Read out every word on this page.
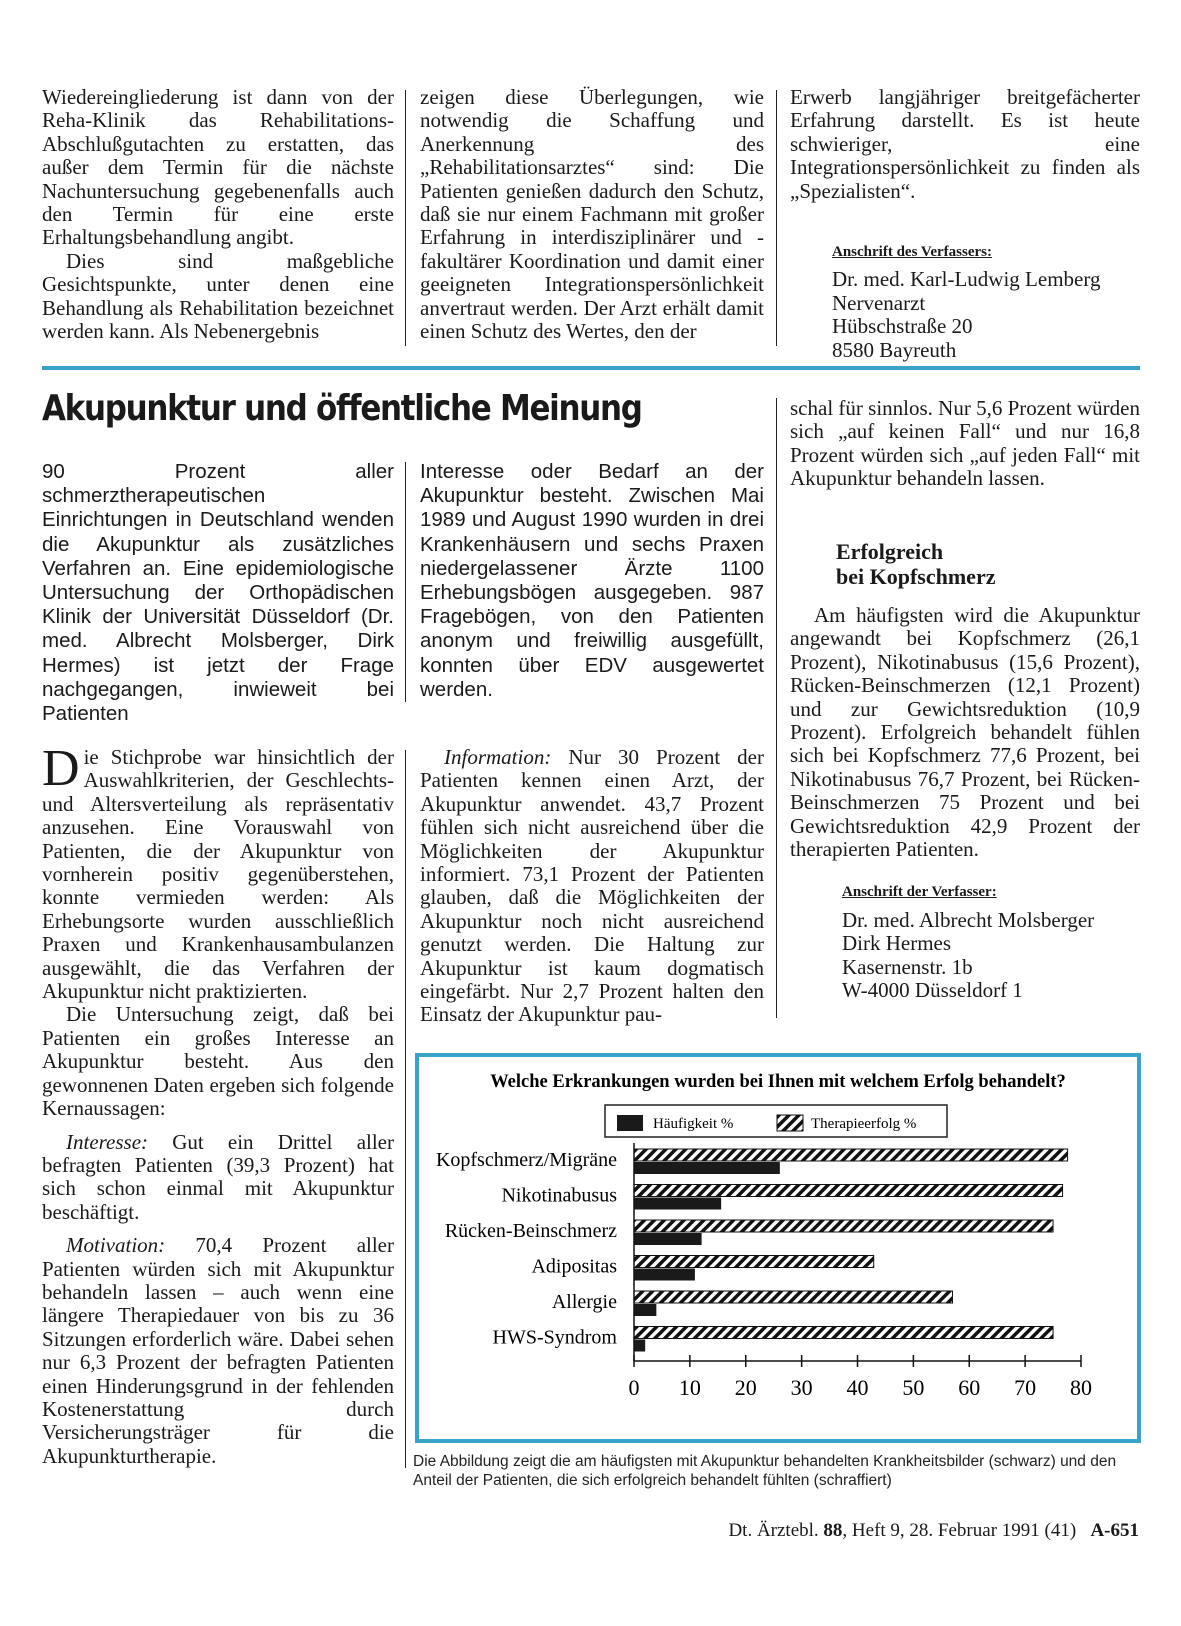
Wiedereingliederung ist dann von der Reha-Klinik das Rehabilitations-Abschlußgutachten zu erstatten, das außer dem Termin für die nächste Nachuntersuchung gegebenenfalls auch den Termin für eine erste Erhaltungsbehandlung angibt.

Dies sind maßgebliche Gesichtspunkte, unter denen eine Behandlung als Rehabilitation bezeichnet werden kann. Als Nebenergebnis

zeigen diese Überlegungen, wie notwendig die Schaffung und Anerkennung des „Rehabilitationsarztes“ sind: Die Patienten genießen dadurch den Schutz, daß sie nur einem Fachmann mit großer Erfahrung in interdisziplinärer und -fakultärer Koordination und damit einer geeigneten Integrationspersönlichkeit anvertraut werden. Der Arzt erhält damit einen Schutz des Wertes, den der

Erwerb langjähriger breitgefächerter Erfahrung darstellt. Es ist heute schwieriger, eine Integrationspersönlichkeit zu finden als „Spezialisten“.

Anschrift des Verfassers:
Dr. med. Karl-Ludwig Lemberg
Nervenarzt
Hübschstraße 20
8580 Bayreuth
Akupunktur und öffentliche Meinung

90 Prozent aller schmerztherapeutischen Einrichtungen in Deutschland wenden die Akupunktur als zusätzliches Verfahren an. Eine epidemiologische Untersuchung der Orthopädischen Klinik der Universität Düsseldorf (Dr. med. Albrecht Molsberger, Dirk Hermes) ist jetzt der Frage nachgegangen, inwieweit bei Patienten

Interesse oder Bedarf an der Akupunktur besteht. Zwischen Mai 1989 und August 1990 wurden in drei Krankenhäusern und sechs Praxen niedergelassener Ärzte 1100 Erhebungsbögen ausgegeben. 987 Fragebögen, von den Patienten anonym und freiwillig ausgefüllt, konnten über EDV ausgewertet werden.

Die Stichprobe war hinsichtlich der Auswahlkriterien, der Geschlechts- und Altersverteilung als repräsentativ anzusehen. Eine Vorauswahl von Patienten, die der Akupunktur von vornherein positiv gegenüberstehen, konnte vermieden werden: Als Erhebungsorte wurden ausschließlich Praxen und Krankenhausambulanzen ausgewählt, die das Verfahren der Akupunktur nicht praktizierten.

Die Untersuchung zeigt, daß bei Patienten ein großes Interesse an Akupunktur besteht. Aus den gewonnenen Daten ergeben sich folgende Kernaussagen:

Interesse: Gut ein Drittel aller befragten Patienten (39,3 Prozent) hat sich schon einmal mit Akupunktur beschäftigt.

Motivation: 70,4 Prozent aller Patienten würden sich mit Akupunktur behandeln lassen – auch wenn eine längere Therapiedauer von bis zu 36 Sitzungen erforderlich wäre. Dabei sehen nur 6,3 Prozent der befragten Patienten einen Hinderungsgrund in der fehlenden Kostenerstattung durch Versicherungsträger für die Akupunkturtherapie.

Information: Nur 30 Prozent der Patienten kennen einen Arzt, der Akupunktur anwendet. 43,7 Prozent fühlen sich nicht ausreichend über die Möglichkeiten der Akupunktur informiert. 73,1 Prozent der Patienten glauben, daß die Möglichkeiten der Akupunktur noch nicht ausreichend genutzt werden. Die Haltung zur Akupunktur ist kaum dogmatisch eingefärbt. Nur 2,7 Prozent halten den Einsatz der Akupunktur pau-

schal für sinnlos. Nur 5,6 Prozent würden sich „auf keinen Fall“ und nur 16,8 Prozent würden sich „auf jeden Fall“ mit Akupunktur behandeln lassen.

Erfolgreich
bei Kopfschmerz

Am häufigsten wird die Akupunktur angewandt bei Kopfschmerz (26,1 Prozent), Nikotinabusus (15,6 Prozent), Rücken-Beinschmerzen (12,1 Prozent) und zur Gewichtsreduktion (10,9 Prozent). Erfolgreich behandelt fühlen sich bei Kopfschmerz 77,6 Prozent, bei Nikotinabusus 76,7 Prozent, bei Rücken-Beinschmerzen 75 Prozent und bei Gewichtsreduktion 42,9 Prozent der therapierten Patienten.

Anschrift der Verfasser:
Dr. med. Albrecht Molsberger
Dirk Hermes
Kasernenstr. 1b
W-4000 Düsseldorf 1
Welche Erkrankungen wurden bei Ihnen mit welchem Erfolg behandelt?
Häufigkeit %	Therapieerfolg %
Kopfschmerz/Migräne
Nikotinabusus
Rücken-Beinschmerz
Adipositas
Allergie
HWS-Syndrom
0 10 20 30 40 50 60 70 80
Die Abbildung zeigt die am häufigsten mit Akupunktur behandelten Krankheitsbilder (schwarz) und den Anteil der Patienten, die sich erfolgreich behandelt fühlten (schraffiert)
Dt. Ärztebl. 88, Heft 9, 28. Februar 1991 (41) A-651
